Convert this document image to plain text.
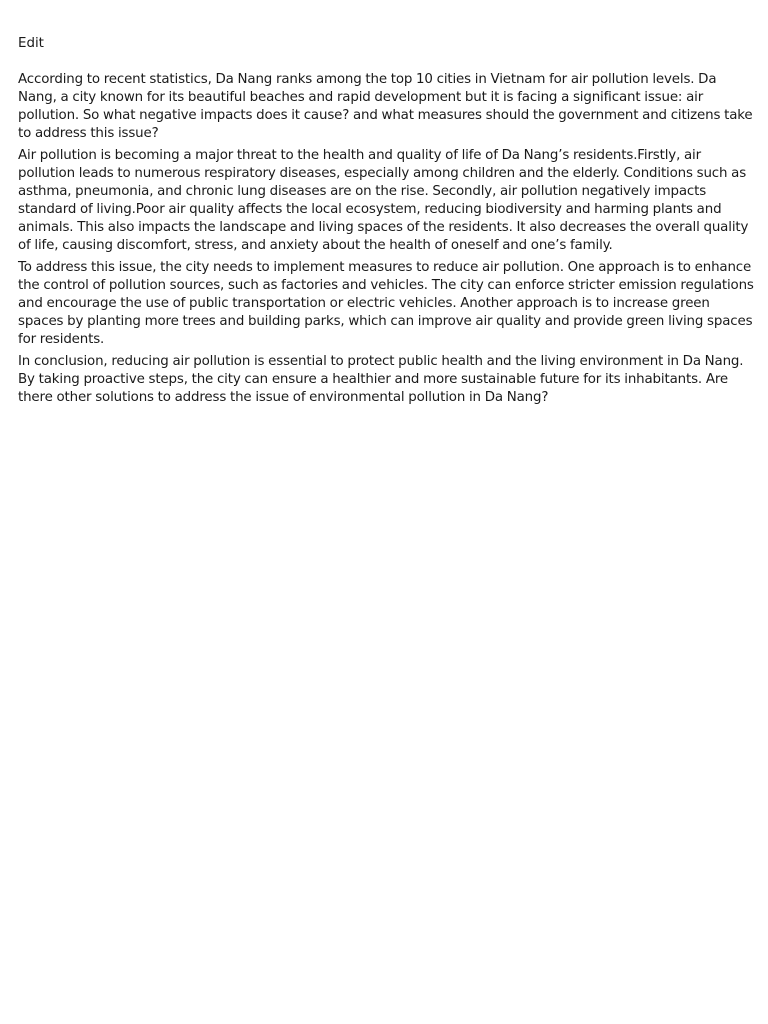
Edit

According to recent statistics, Da Nang ranks among the top 10 cities in Vietnam for air pollution levels. Da Nang, a city known for its beautiful beaches and rapid development but it is facing a significant issue: air pollution. So what negative impacts does it cause? and what measures should the government and citizens take to address this issue?

Air pollution is becoming a major threat to the health and quality of life of Da Nang’s residents.Firstly, air pollution leads to numerous respiratory diseases, especially among children and the elderly. Conditions such as asthma, pneumonia, and chronic lung diseases are on the rise. Secondly, air pollution negatively impacts standard of living.Poor air quality affects the local ecosystem, reducing biodiversity and harming plants and animals. This also impacts the landscape and living spaces of the residents. It also decreases the overall quality of life, causing discomfort, stress, and anxiety about the health of oneself and one’s family.

To address this issue, the city needs to implement measures to reduce air pollution. One approach is to enhance the control of pollution sources, such as factories and vehicles. The city can enforce stricter emission regulations and encourage the use of public transportation or electric vehicles. Another approach is to increase green spaces by planting more trees and building parks, which can improve air quality and provide green living spaces for residents.

In conclusion, reducing air pollution is essential to protect public health and the living environment in Da Nang. By taking proactive steps, the city can ensure a healthier and more sustainable future for its inhabitants. Are there other solutions to address the issue of environmental pollution in Da Nang?
